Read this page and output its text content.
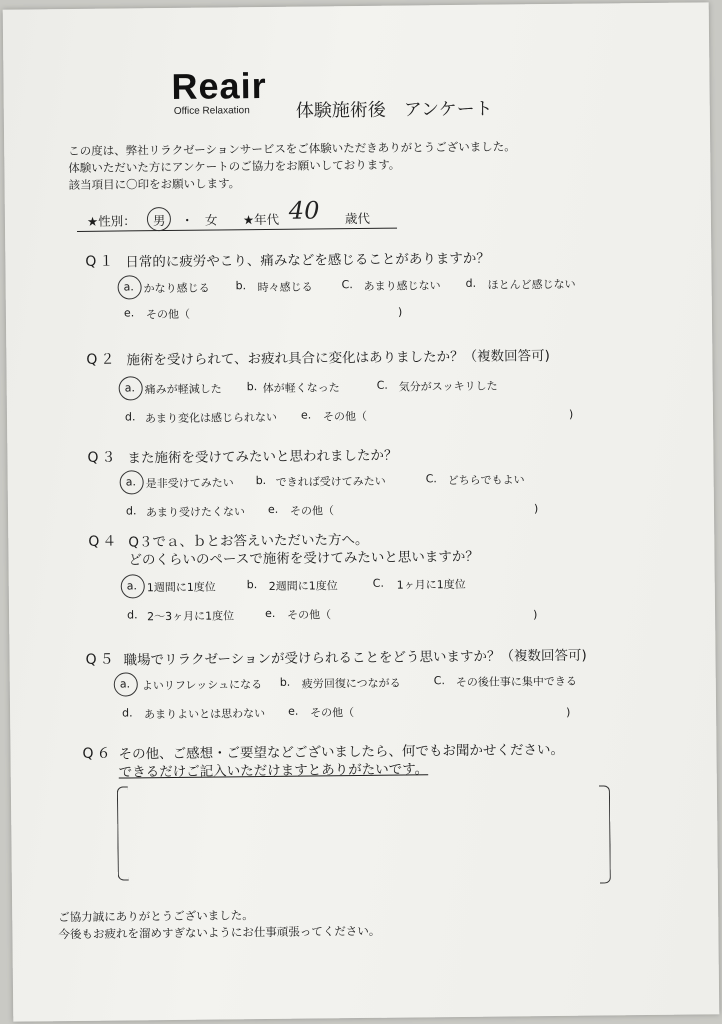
Reair
Office Relaxation	体験施術後　アンケート
この度は、弊社リラクゼーションサービスをご体験いただきありがとうございました。
体験いただいた方にアンケートのご協力をお願いしております。
該当項目に〇印をお願いします。
★性別： 男 ・ 女 ★年代 40 歳代
Q１ 日常的に疲労やこり、痛みなどを感じることがありますか？
a. かなり感じる b. 時々感じる	C. あまり感じない d. ほとんど感じない
e. その他（	)
Q２ 施術を受けられて、お疲れ具合に変化はありましたか？（複数回答可)
a. 痛みが軽減した b. 体が軽くなった	C. 気分がスッキリした
d. あまり変化は感じられない e. その他（	)
Q３ また施術を受けてみたいと思われましたか？
a. 是非受けてみたい b. できれば受けてみたい	C. どちらでもよい
d. あまり受けたくない e. その他（	)
Q４ Q３でａ、ｂとお答えいただいた方へ。
どのくらいのペースで施術を受けてみたいと思いますか？
a. 1週間に1度位	b. 2週間に1度位	C. 1ヶ月に1度位
d. 2〜3ヶ月に1度位	e. その他（	)
Q５ 職場でリラクゼーションが受けられることをどう思いますか？（複数回答可)
a. よいリフレッシュになる b. 疲労回復につながる	C. その後仕事に集中できる
d. あまりよいとは思わない e. その他（	)
Q６ その他、ご感想・ご要望などございましたら、何でもお聞かせください。
できるだけご記入いただけますとありがたいです。
ご協力誠にありがとうございました。
今後もお疲れを溜めすぎないようにお仕事頑張ってください。
